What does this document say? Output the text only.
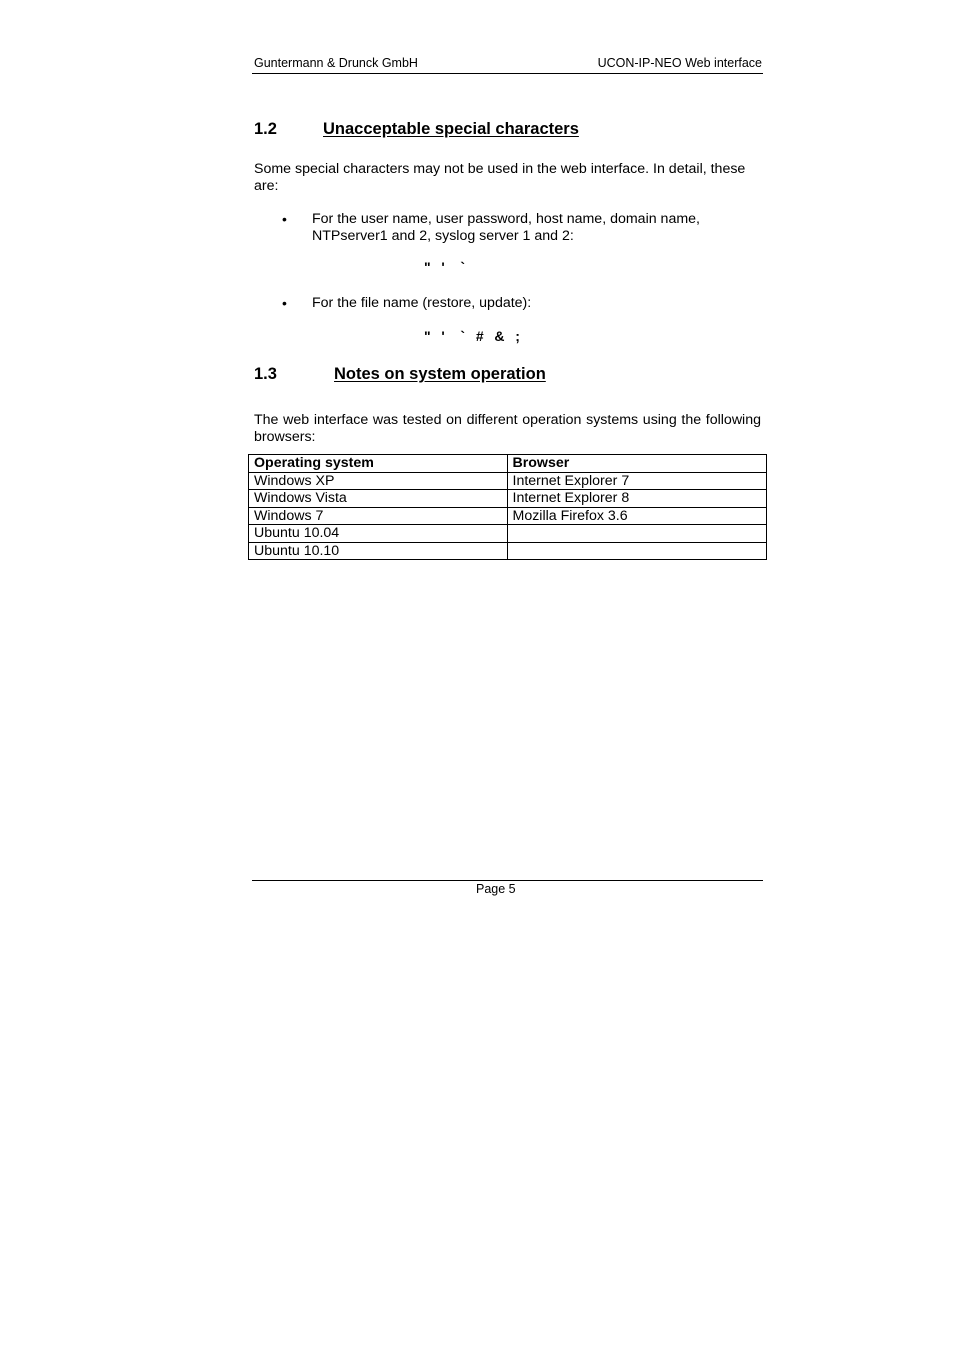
Guntermann & Drunck GmbH	UCON-IP-NEO Web interface
1.2	Unacceptable special characters
Some special characters may not be used in the web interface. In detail, these are:
• For the user name, user password, host name, domain name, NTPserver1 and 2, syslog server 1 and 2:
"  '   `
• For the file name (restore, update):
"  '   `  #  &  ;
1.3	Notes on system operation
The web interface was tested on different operation systems using the following browsers:
Operating system	Browser
Windows XP	Internet Explorer 7
Windows Vista	Internet Explorer 8
Windows 7	Mozilla Firefox 3.6
Ubuntu 10.04	
Ubuntu 10.10	
Page 5
